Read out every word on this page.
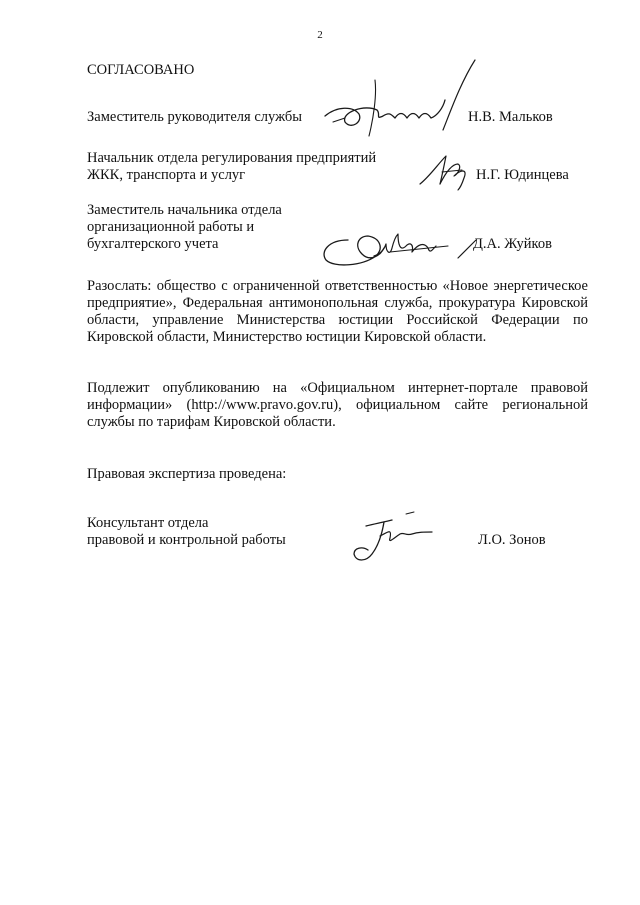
2
СОГЛАСОВАНО
Заместитель руководителя службы	Н.В. Мальков
Начальник отдела регулирования предприятий
ЖКК, транспорта и услуг	Н.Г. Юдинцева
Заместитель начальника отдела
организационной работы и
бухгалтерского учета	Д.А. Жуйков
Разослать: общество с ограниченной ответственностью «Новое энергетическое предприятие», Федеральная антимонопольная служба, прокуратура Кировской области, управление Министерства юстиции Российской Федерации по Кировской области, Министерство юстиции Кировской области.
Подлежит опубликованию на «Официальном интернет-портале правовой информации» (http://www.pravo.gov.ru), официальном сайте региональной службы по тарифам Кировской области.
Правовая экспертиза проведена:
Консультант отдела
правовой и контрольной работы	Л.О. Зонов
